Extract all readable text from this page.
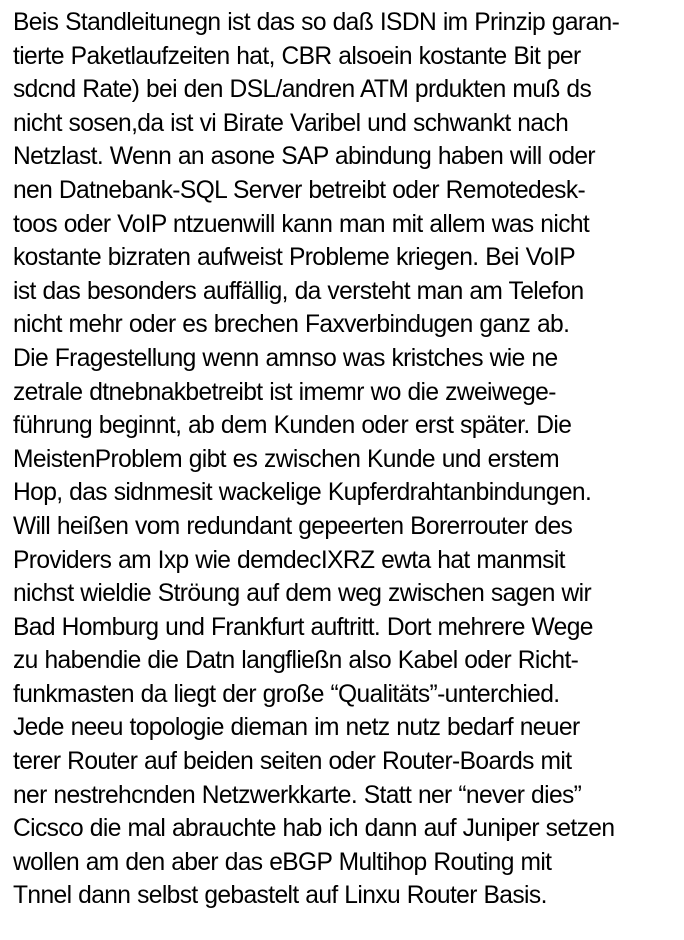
Beis Standleitunegn ist das so daß ISDN im Prinzip garan-
tierte Paketlaufzeiten hat, CBR alsoein kostante Bit per
sdcnd Rate) bei den DSL/andren ATM prdukten muß ds
nicht sosen,da ist vi Birate Varibel und schwankt nach
Netzlast. Wenn an asone SAP abindung haben will oder
nen Datnebank-SQL Server betreibt oder Remotedesk-
toos oder VoIP ntzuenwill kann man mit allem was nicht
kostante bizraten aufweist Probleme kriegen. Bei VoIP
ist das besonders auffällig, da versteht man am Telefon
nicht mehr oder es brechen Faxverbindugen ganz ab.
Die Fragestellung wenn amnso was kristches wie ne
zetrale dtnebnakbetreibt ist imemr wo die zweiwege-
führung beginnt, ab dem Kunden oder erst später. Die
MeistenProblem gibt es zwischen Kunde und erstem
Hop, das sidnmesit wackelige Kupferdrahtanbindungen.
Will heißen vom redundant gepeerten Borerrouter des
Providers am Ixp wie demdecIXRZ ewta hat manmsit
nichst wieldie Ströung auf dem weg zwischen sagen wir
Bad Homburg und Frankfurt auftritt. Dort mehrere Wege
zu habendie die Datn langfließn also Kabel oder Richt-
funkmasten da liegt der große “Qualitäts”-unterchied.
Jede neeu topologie dieman im netz nutz bedarf neuer
terer Router auf beiden seiten oder Router-Boards mit
ner nestrehcnden Netzwerkkarte. Statt ner “never dies”
Cicsco die mal abrauchte hab ich dann auf Juniper setzen
wollen am den aber das eBGP Multihop Routing mit
Tnnel dann selbst gebastelt auf Linxu Router Basis.
